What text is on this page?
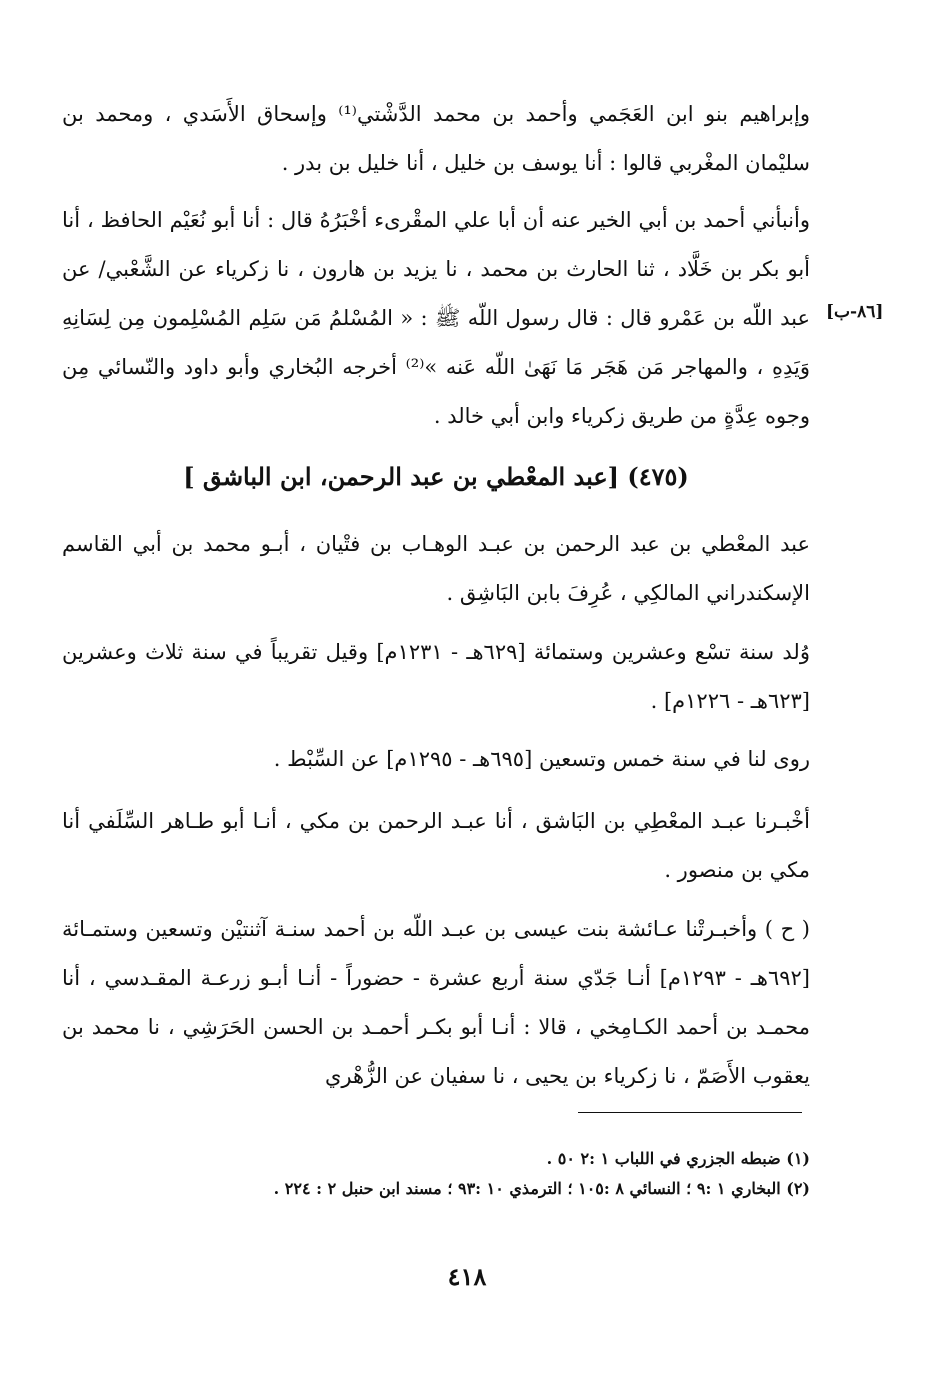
وإبراهيم بنو ابن العَجَمي وأحمد بن محمد الدَّشْتي⁽¹⁾ وإسحاق الأَسَدي ، ومحمد بن سليْمان المغْربي قالوا : أنا يوسف بن خليل ، أنا خليل بن بدر .

وأنبأني أحمد بن أبي الخير عنه أن أبا علي المقْرىء أخْبَرُهُ قال : أنا أبو نُعَيْم الحافظ ، أنا أبو بكر بن خَلَّاد ، ثنا الحارث بن محمد ، نا يزيد بن هارون ، نا زكرياء عن الشَّعْبي/ عن عبد اللّه بن عَمْرو قال : قال رسول اللّه ﷺ : « المُسْلمُ مَن سَلِم المُسْلِمون مِن لِسَانِهِ وَيَدِهِ ، والمهاجر مَن هَجَر مَا نَهَىٰ اللّه عَنه »⁽²⁾ أخرجه البُخاري وأبو داود والنّسائي مِن وجوه عِدَّةٍ من طريق زكرياء وابن أبي خالد .

[٨٦-ب]
(٤٧٥) [عبد المعْطي بن عبد الرحمن، ابن الباشق ]

عبد المعْطي بن عبد الرحمن بن عبـد الوهـاب بن فتْيان ، أبـو محمد بن أبي القاسم الإسكندراني المالكِي ، عُرِفَ بابن البَاشِق .

وُلد سنة تسْع وعشرين وستمائة [٦٢٩هـ - ١٢٣١م] وقيل تقريباً في سنة ثلاث وعشرين [٦٢٣هـ - ١٢٢٦م] .

روى لنا في سنة خمس وتسعين [٦٩٥هـ - ١٢٩٥م] عن السِّبْط .

أخْبـرنا عبـد المعْطِي بن البَاشق ، أنا عبـد الرحمن بن مكي ، أنـا أبو طـاهر السِّلَفي أنا مكي بن منصور .

( ح ) وأخبـرتْنا عـائشة بنت عيسى بن عبـد اللّه بن أحمد سنـة آثنتيْن وتسعين وستمـائة [٦٩٢هـ - ١٢٩٣م] أنـا جَدّي سنة أربع عشرة - حضوراً - أنـا أبـو زرعـة المقـدسي ، أنا محمـد بن أحمد الكـامِخي ، قالا : أنـا أبو بكـر أحمـد بن الحسن الحَرَشِي ، نا محمد بن يعقوب الأَصَمّ ، نا زكرياء بن يحيى ، نا سفيان عن الزُّهْري

(١) ضبطه الجزري في اللباب ١ :٢ ٥٠ .

(٢) البخاري ١ :٩ ؛ النسائي ٨ :١٠٥ ؛ الترمذي ١٠ :٩٣ ؛ مسند ابن حنبل ٢ : ٢٢٤ .

٤١٨
